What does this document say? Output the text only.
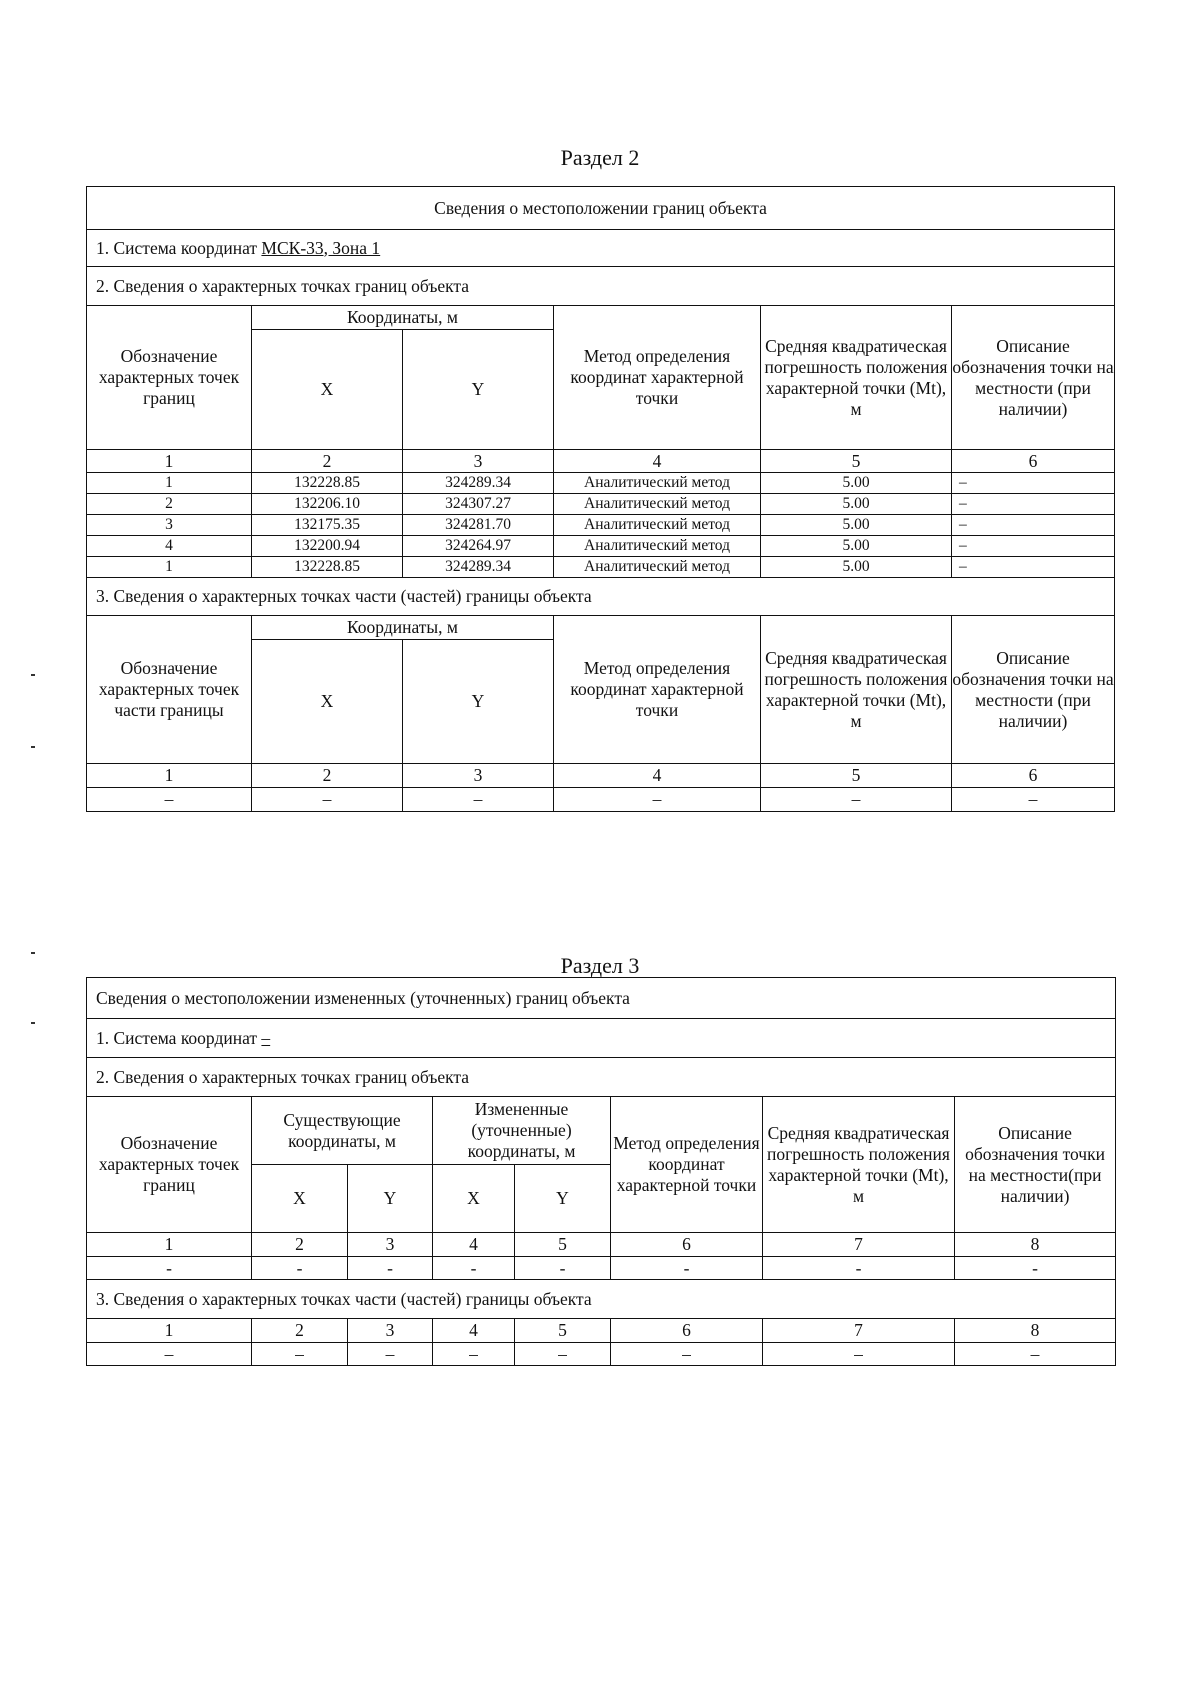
Раздел 2
Сведения о местоположении границ объекта					
1. Система координат МСК-33, Зона 1					
2. Сведения о характерных точках границ объекта					
Обозначение характерных точек границ	Координаты, м		Метод определения координат характерной точки	Средняя квадратическая погрешность положения характерной точки (Mt), м	Описание обозначения точки на местности (при наличии)
	X	Y			
1	2	3	4	5	6
1	132228.85	324289.34	Аналитический метод	5.00	–
2	132206.10	324307.27	Аналитический метод	5.00	–
3	132175.35	324281.70	Аналитический метод	5.00	–
4	132200.94	324264.97	Аналитический метод	5.00	–
1	132228.85	324289.34	Аналитический метод	5.00	–
3. Сведения о характерных точках части (частей) границы объекта					
Обозначение характерных точек части границы	Координаты, м		Метод определения координат характерной точки	Средняя квадратическая погрешность положения характерной точки (Mt), м	Описание обозначения точки на местности (при наличии)
	X	Y			
1	2	3	4	5	6
–	–	–	–	–	–
Раздел 3
Сведения о местоположении измененных (уточненных) границ объекта							
1. Система координат –							
2. Сведения о характерных точках границ объекта							
Обозначение характерных точек границ	Существующие координаты, м		Измененные (уточненные) координаты, м		Метод определения координат характерной точки	Средняя квадратическая погрешность положения характерной точки (Mt), м	Описание обозначения точки на местности(при наличии)
	X	Y	X	Y			
1	2	3	4	5	6	7	8
-	-	-	-	-	-	-	-
3. Сведения о характерных точках части (частей) границы объекта							
1	2	3	4	5	6	7	8
–	–	–	–	–	–	–	–
